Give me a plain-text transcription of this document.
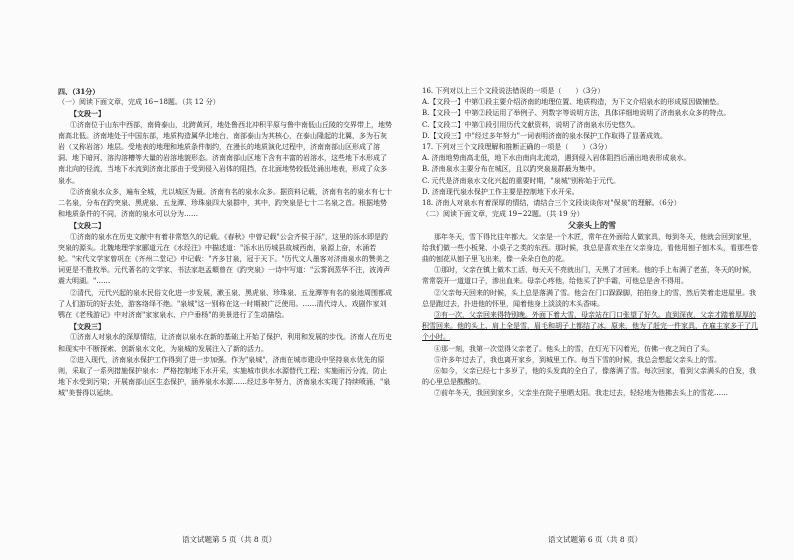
四、（31分）

（一）阅读下面文章，完成 16~18题。（共 12 分）

【文段一】

①济南位于山东中西部，南倚泰山，北跨黄河，地处鲁西北冲积平原与鲁中南低山丘陵的交界带上，地势南高北低。济南地处于中国东部，地质构造属华北地台，南部泰山为其核心，在泰山隆起的北翼，多为石灰岩（又称岩溶）地层。受地表的地理和地质条件制约，在漫长的地质演化过程中，济南南部山区形成了溶洞、地下暗河、溶沟溶槽等大量的岩溶地貌形态。济南南部山区地下含有丰富的岩溶水，这些地下水形成了南北向的径流，当地下水流到济南北部由于受到侵入岩体的阻挡，在北面地势较低处涌出地表，形成了众多泉水。

②济南泉水众多，遍布全城，尤以城区为最。济南有名的泉水众多。据资料记载，济南有名的泉水有七十二名泉，分布在趵突泉、黑虎泉、五龙潭、珍珠泉四大泉群中，其中，趵突泉是七十二名泉之首。根据地势和地质条件的不同，济南的泉水可以分为……

【文段二】

①济南的泉水在历史文献中有着非常悠久的记载。《春秋》中曾记载"公会齐侯于泺"，这里的泺水即是趵突泉的源头。北魏地理学家郦道元在《水经注》中描述道："泺水出历城县故城西南，泉源上奋，水涌若轮。"宋代文学家曾巩在《齐州二堂记》中记载："齐多甘泉，冠于天下。"历代文人墨客对济南泉水的赞美之词更是不胜枚举。元代著名的文学家、书法家赵孟頫曾在《趵突泉》一诗中写道："云雾润蒸华不注，波涛声震大明湖。"……

②清代，元代兴起的泉水民俗文化进一步发展，漱玉泉、黑虎泉、珍珠泉、五龙潭等有名的泉池周围都成了人们游玩的好去处，游客络绎不绝。"泉城"这一别称在这一时期被广泛使用。……清代诗人、戏剧作家刘鹗在《老残游记》中对济南"家家泉水、户户垂杨"的美景进行了生动描绘。

【文段三】

①济南人对泉水的深厚情结，让济南以泉水在新的基础上开始了保护、利用和发展的步伐。济南人在历史和现实中不断探索、创新泉水文化，为泉城的发展注入了新的活力。

②进入现代，济南泉水保护工作得到了进一步加强。作为"泉城"，济南在城市建设中坚持泉水优先的原则，采取了一系列措施保护泉水：严格控制地下水开采，实施城市供水水源替代工程；实施雨污分流，防止地下水受到污染；开展南部山区生态保护，涵养泉水水源……经过多年努力，济南泉水实现了持续喷涌，"泉城"美誉得以延续。

16. 下列对以上三个文段说法错误的一项是（　　）（3分）

A.【文段一】中第①段主要介绍济南的地理位置、地质构造，为下文介绍泉水的形成原因做铺垫。

B.【文段一】中第②段运用了举例子、列数字等说明方法，具体详细地说明了济南泉水众多的特点。

C.【文段二】中第①段引用历代文献资料，说明了济南泉水历史悠久。

D.【文段三】中"经过多年努力"一词表明济南的泉水保护工作取得了显著成效。

17. 下列对三个文段理解和推断正确的一项是（　　）（3分）

A. 济南地势南高北低，地下水由南向北流动，遇到侵入岩体阻挡后涌出地表形成泉水。

B. 济南泉水主要分布在城区，且以趵突泉泉群最为集中。

C. 元代是济南泉水文化兴起的重要时期，"泉城"别称始于元代。

D. 济南现代泉水保护工作主要是控制地下水开采。

18. 济南人对泉水有着深厚的情结，请结合三个文段谈谈你对"保泉"的理解。（6分）

（二）阅读下面文章，完成 19~22题。（共 19 分）

父亲头上的雪

那年冬天，雪下得比往年都大。父亲是一个木匠，常年在外面给人做家具，每到冬天，他就会回到家里，给我们做一些小板凳、小桌子之类的东西。那时候，我总是喜欢坐在父亲身边，看他用刨子刨木头，看那些卷曲的刨花从刨子里飞出来，像一朵朵白色的花。

①那时，父亲在镇上做木工活，每天天不亮就出门，天黑了才回来。他的手上布满了老茧，冬天的时候，常常裂开一道道口子，渗出血来。母亲心疼他，给他买了护手霜，可他总是舍不得用。

②父亲每天回来的时候，头上总是落满了雪。他会在门口跺跺脚，拍拍身上的雪，然后笑着走进屋里。我总是跑过去，扑进他的怀里，闻着他身上淡淡的木头香味。

③有一次，父亲回来得特别晚。外面下着大雪，母亲站在门口张望了好久。直到深夜，父亲才踏着厚厚的积雪回来。他的头上、肩上全是雪，眉毛和胡子上都结了冰。原来，他为了赶完一件家具，在雇主家多干了几个小时。

④那一刻，我第一次觉得父亲老了。他头上的雪，在灯光下闪着光，仿佛一夜之间白了头。

⑤许多年过去了，我也离开家乡，到城里工作。每当下雪的时候，我总会想起父亲头上的雪。

⑥如今，父亲已经七十多岁了，他的头发真的全白了，像落满了雪。每次回家，看到父亲满头的白发，我的心里总是酸酸的。

⑦前年冬天，我回到家乡，父亲坐在院子里晒太阳。我走过去，轻轻地为他拂去头上的雪花……

语文试题第 5 页（共 8 页）	语文试题第 6 页（共 8 页）
